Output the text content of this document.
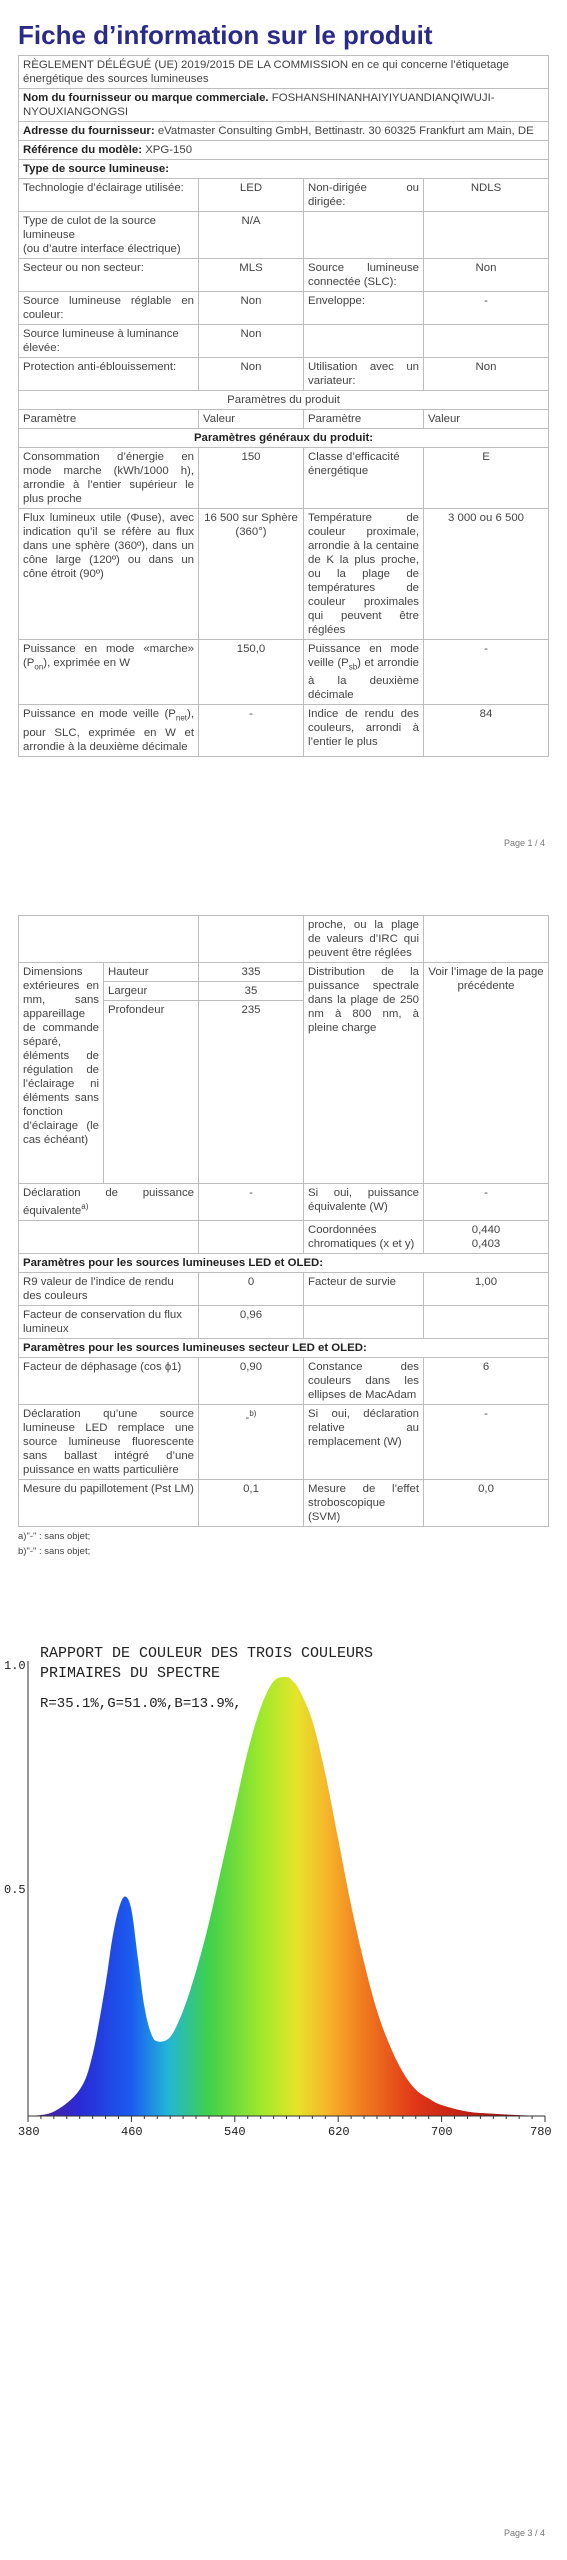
Fiche d’information sur le produit
RÈGLEMENT DÉLÉGUÉ (UE) 2019/2015 DE LA COMMISSION en ce qui concerne l’étiquetage énergétique des sources lumineuses			
Nom du fournisseur ou marque commerciale. FOSHANSHINANHAIYIYUANDIANQIWUJI-NYOUXIANGONGSI			
Adresse du fournisseur: eVatmaster Consulting GmbH, Bettinastr. 30 60325 Frankfurt am Main, DE			
Référence du modèle: XPG-150			
Type de source lumineuse:			
Technologie d’éclairage utilisée:	LED	Non-dirigée ou dirigée:	NDLS
Type de culot de la source lumineuse
(ou d’autre interface électrique)	N/A		
Secteur ou non secteur:	MLS	Source lumineuse connectée (SLC):	Non
Source lumineuse réglable en couleur:	Non	Enveloppe:	-
Source lumineuse à luminance élevée:	Non		
Protection anti-éblouissement:	Non	Utilisation avec un variateur:	Non
Paramètres du produit			
Paramètre	Valeur	Paramètre	Valeur
Paramètres généraux du produit:			
Consommation d’énergie en mode marche (kWh/1000 h), arrondie à l’entier supérieur le plus proche	150	Classe d’efficacité énergétique	E
Flux lumineux utile (Φuse), avec indication qu’il se réfère au flux dans une sphère (360º), dans un cône large (120º) ou dans un cône étroit (90º)	16 500 sur Sphère (360°)	Température de couleur proximale, arrondie à la centaine de K la plus proche, ou la plage de températures de couleur proximales qui peuvent être réglées	3 000 ou 6 500
Puissance en mode «marche» $(P_{on})$, exprimée en W	150,0	Puissance en mode veille $(P_{sb})$ et arrondie à la deuxième décimale	-
Puissance en mode veille $(P_{net})$, pour SLC, exprimée en W et arrondie à la deuxième décimale	-	Indice de rendu des couleurs, arrondi à l’entier le plus	84
Page 1 / 4
			proche, ou la plage de valeurs d’IRC qui peuvent être réglées	
Dimensions extérieures en mm, sans appareillage de commande séparé, éléments de régulation de l’éclairage ni éléments sans fonction d’éclairage (le cas échéant)	Hauteur	335	Distribution de la puissance spectrale dans la plage de 250 nm à 800 nm, à pleine charge	Voir l’image de la page précédente
	Largeur	35		
	Profondeur	235		
Déclaration de puissance équivalente$^{a)}$		-	Si oui, puissance équivalente (W)	-
			Coordonnées chromatiques (x et y)	0,440
0,403

Paramètres pour les sources lumineuses LED et OLED:				
R9 valeur de l’indice de rendu des couleurs		0	Facteur de survie	1,00
Facteur de conservation du flux lumineux		0,96		
Paramètres pour les sources lumineuses secteur LED et OLED:				
Facteur de déphasage (cos ϕ1)		0,90	Constance des couleurs dans les ellipses de MacAdam	6
Déclaration qu’une source lumineuse LED remplace une source lumineuse fluorescente sans ballast intégré d’une puissance en watts particulière		-$^{b)}$	Si oui, déclaration relative au remplacement (W)	-
Mesure du papillotement (Pst LM)		0,1	Mesure de l’effet stroboscopique (SVM)	0,0
a)"-" : sans objet;
b)"-" : sans objet;
RAPPORT DE COULEUR DES TROIS COULEURS PRIMAIRES DU SPECTRE
R=35.1%,G=51.0%,B=13.9%,
1.0
0.5
380	460	540	620	700	780
Page 3 / 4
